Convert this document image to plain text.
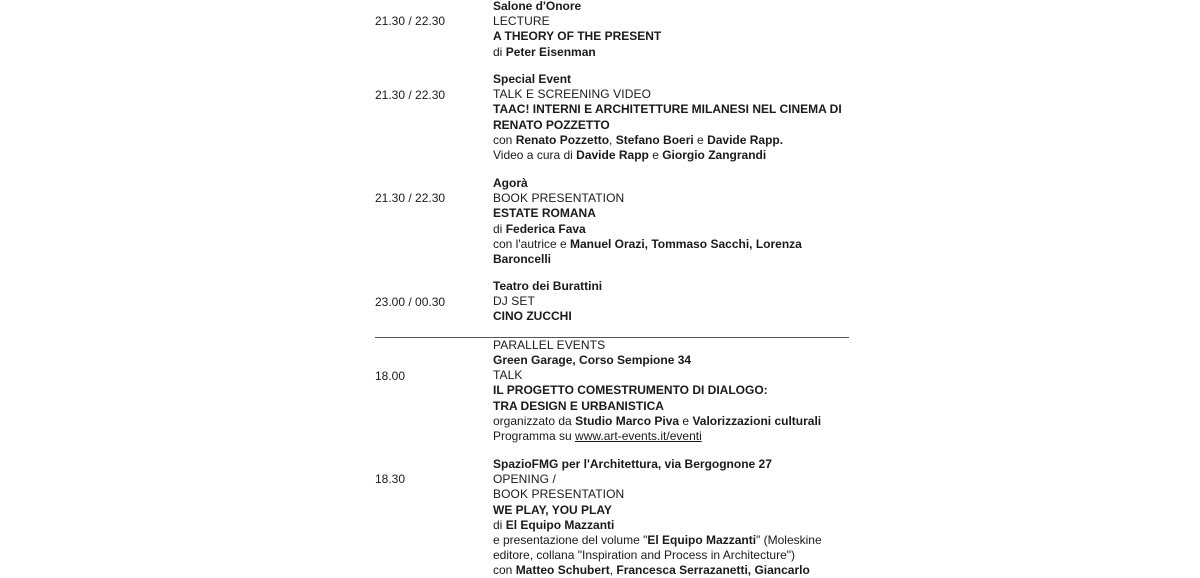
21.30 / 22.30
Salone d'Onore
LECTURE
A THEORY OF THE PRESENT
di Peter Eisenman
21.30 / 22.30
Special Event
TALK E SCREENING VIDEO
TAAC! INTERNI E ARCHITETTURE MILANESI NEL CINEMA DI
RENATO POZZETTO
con Renato Pozzetto, Stefano Boeri e Davide Rapp.
Video a cura di Davide Rapp e Giorgio Zangrandi
21.30 / 22.30
Agorà
BOOK PRESENTATION
ESTATE ROMANA
di Federica Fava
con l'autrice e Manuel Orazi, Tommaso Sacchi, Lorenza
Baroncelli
23.00 / 00.30
Teatro dei Burattini
DJ SET
CINO ZUCCHI
PARALLEL EVENTS
18.00
Green Garage, Corso Sempione 34
TALK
IL PROGETTO COMESTRUMENTO DI DIALOGO:
TRA DESIGN E URBANISTICA
organizzato da Studio Marco Piva e Valorizzazioni culturali
Programma su www.art-events.it/eventi
18.30
SpazioFMG per l'Architettura, via Bergognone 27
OPENING /
BOOK PRESENTATION
WE PLAY, YOU PLAY
di El Equipo Mazzanti
e presentazione del volume "El Equipo Mazzanti" (Moleskine
editore, collana "Inspiration and Process in Architecture")
con Matteo Schubert, Francesca Serrazanetti, Giancarlo
